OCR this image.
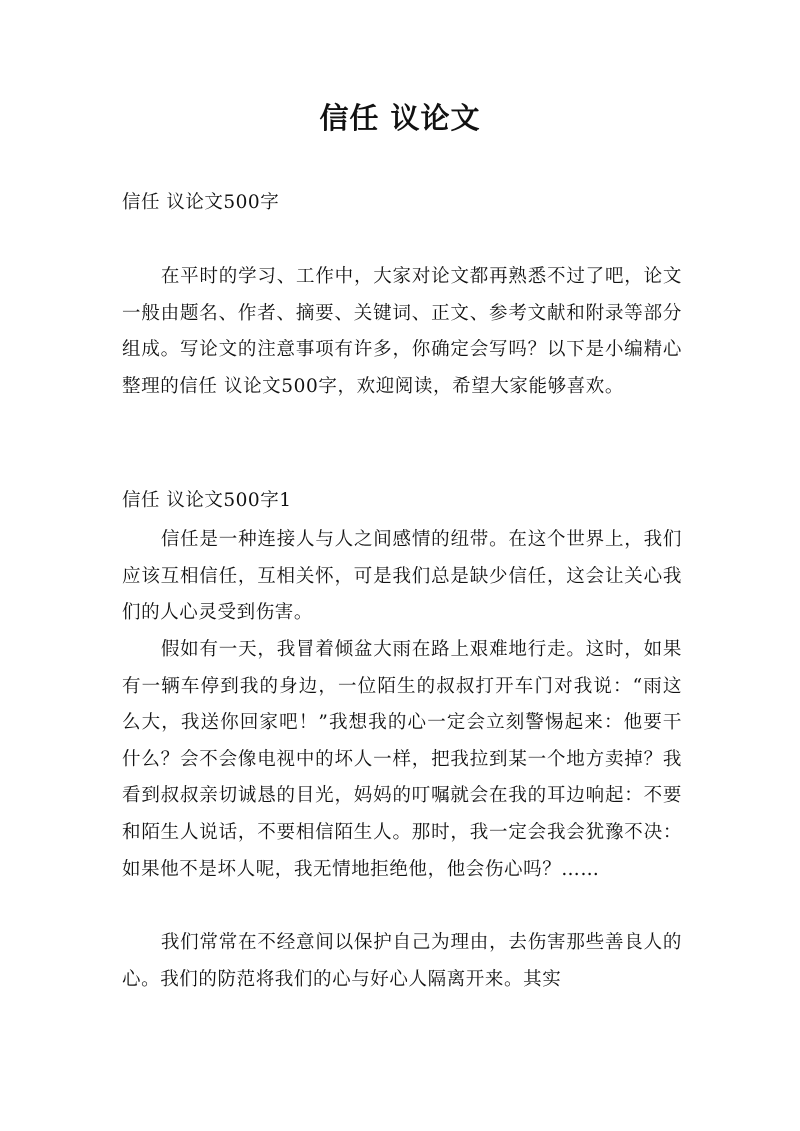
信任 议论文
信任 议论文500字

在平时的学习、工作中，大家对论文都再熟悉不过了吧，论文一般由题名、作者、摘要、关键词、正文、参考文献和附录等部分组成。写论文的注意事项有许多，你确定会写吗？以下是小编精心整理的信任 议论文500字，欢迎阅读，希望大家能够喜欢。

信任 议论文500字1

信任是一种连接人与人之间感情的纽带。在这个世界上，我们应该互相信任，互相关怀，可是我们总是缺少信任，这会让关心我们的人心灵受到伤害。

假如有一天，我冒着倾盆大雨在路上艰难地行走。这时，如果有一辆车停到我的身边，一位陌生的叔叔打开车门对我说：“雨这么大，我送你回家吧！”我想我的心一定会立刻警惕起来：他要干什么？会不会像电视中的坏人一样，把我拉到某一个地方卖掉？我看到叔叔亲切诚恳的目光，妈妈的叮嘱就会在我的耳边响起：不要和陌生人说话，不要相信陌生人。那时，我一定会我会犹豫不决：如果他不是坏人呢，我无情地拒绝他，他会伤心吗？……

我们常常在不经意间以保护自己为理由，去伤害那些善良人的心。我们的防范将我们的心与好心人隔离开来。其实
